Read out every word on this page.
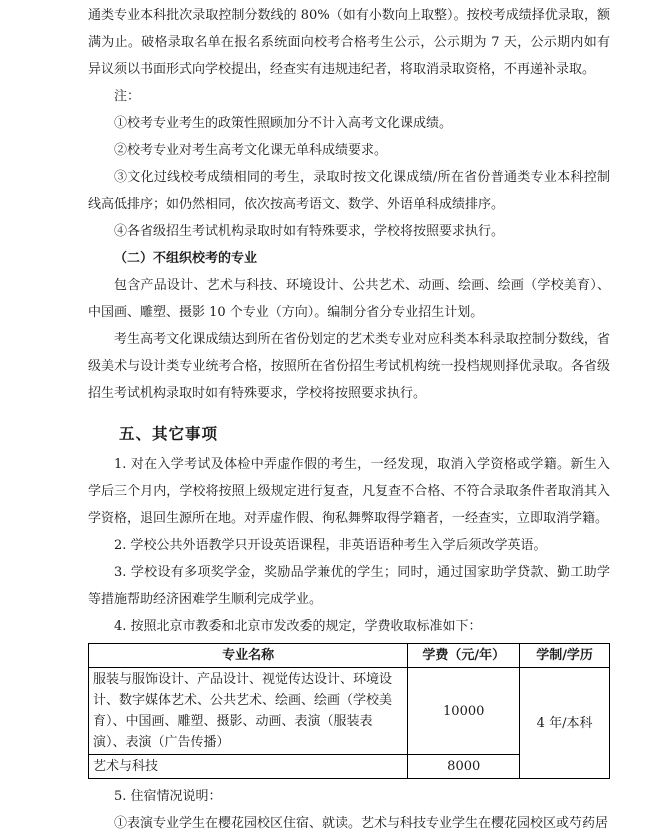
通类专业本科批次录取控制分数线的 80%（如有小数向上取整）。按校考成绩择优录取，额满为止。破格录取名单在报名系统面向校考合格考生公示，公示期为 7 天，公示期内如有异议须以书面形式向学校提出，经查实有违规违纪者，将取消录取资格，不再递补录取。

注：

①校考专业考生的政策性照顾加分不计入高考文化课成绩。

②校考专业对考生高考文化课无单科成绩要求。

③文化过线校考成绩相同的考生，录取时按文化课成绩/所在省份普通类专业本科控制线高低排序；如仍然相同，依次按高考语文、数学、外语单科成绩排序。

④各省级招生考试机构录取时如有特殊要求，学校将按照要求执行。

（二）不组织校考的专业

包含产品设计、艺术与科技、环境设计、公共艺术、动画、绘画、绘画（学校美育）、中国画、雕塑、摄影 10 个专业（方向）。编制分省分专业招生计划。

考生高考文化课成绩达到所在省份划定的艺术类专业对应科类本科录取控制分数线，省级美术与设计类专业统考合格，按照所在省份招生考试机构统一投档规则择优录取。各省级招生考试机构录取时如有特殊要求，学校将按照要求执行。

五、其它事项

1. 对在入学考试及体检中弄虚作假的考生，一经发现，取消入学资格或学籍。新生入学后三个月内，学校将按照上级规定进行复查，凡复查不合格、不符合录取条件者取消其入学资格，退回生源所在地。对弄虚作假、徇私舞弊取得学籍者，一经查实，立即取消学籍。

2. 学校公共外语教学只开设英语课程，非英语语种考生入学后须改学英语。

3. 学校设有多项奖学金，奖励品学兼优的学生；同时，通过国家助学贷款、勤工助学等措施帮助经济困难学生顺利完成学业。

4. 按照北京市教委和北京市发改委的规定，学费收取标准如下：

专业名称	学费（元/年）	学制/学历
服装与服饰设计、产品设计、视觉传达设计、环境设计、数字媒体艺术、公共艺术、绘画、绘画（学校美育）、中国画、雕塑、摄影、动画、表演（服装表演）、表演（广告传播）	10000	4 年/本科
艺术与科技	8000	

5. 住宿情况说明：

①表演专业学生在樱花园校区住宿、就读。艺术与科技专业学生在樱花园校区或芍药居
